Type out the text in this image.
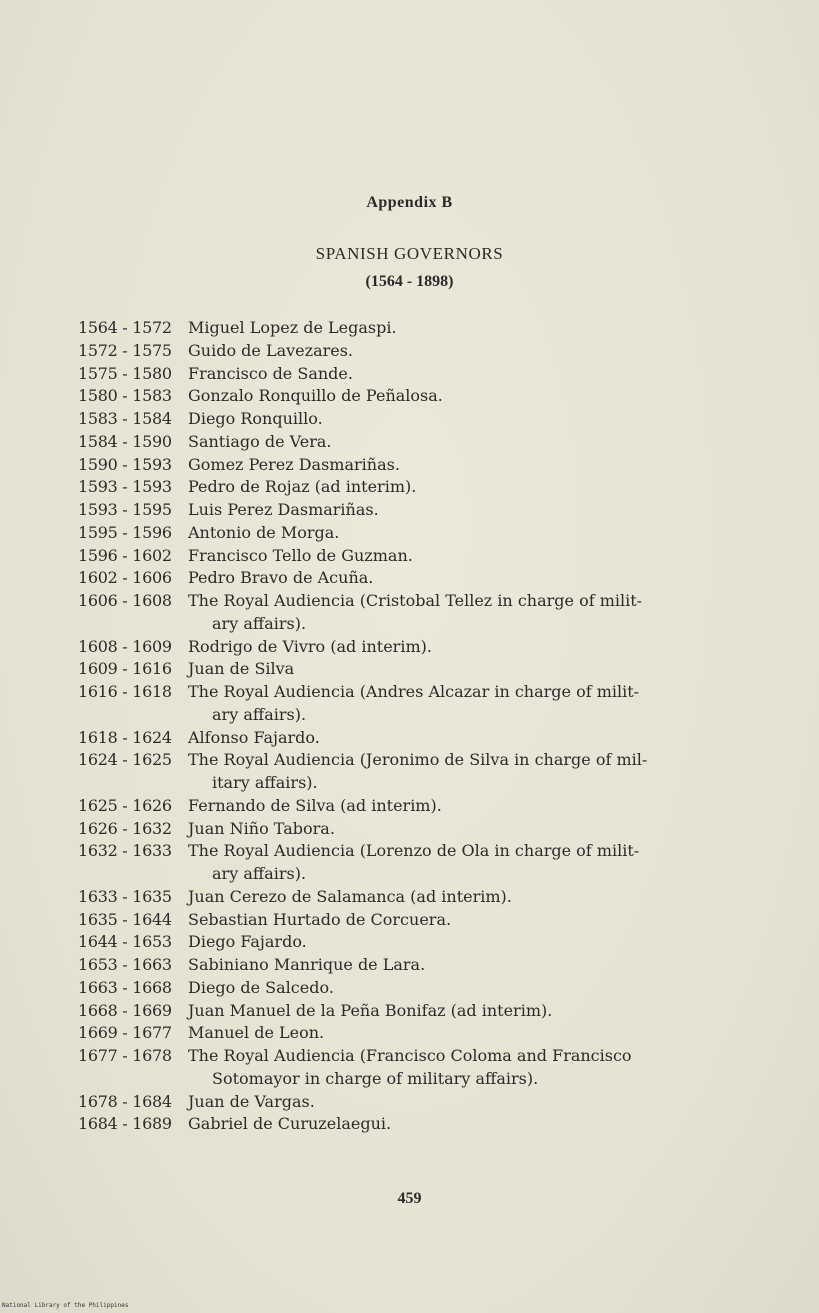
Appendix B
SPANISH GOVERNORS
(1564 - 1898)
1564 - 1572	Miguel Lopez de Legaspi.
1572 - 1575	Guido de Lavezares.
1575 - 1580	Francisco de Sande.
1580 - 1583	Gonzalo Ronquillo de Peñalosa.
1583 - 1584	Diego Ronquillo.
1584 - 1590	Santiago de Vera.
1590 - 1593	Gomez Perez Dasmariñas.
1593 - 1593	Pedro de Rojaz (ad interim).
1593 - 1595	Luis Perez Dasmariñas.
1595 - 1596	Antonio de Morga.
1596 - 1602	Francisco Tello de Guzman.
1602 - 1606	Pedro Bravo de Acuña.
1606 - 1608	The Royal Audiencia (Cristobal Tellez in charge of milit-
ary affairs).
1608 - 1609	Rodrigo de Vivro (ad interim).
1609 - 1616	Juan de Silva
1616 - 1618	The Royal Audiencia (Andres Alcazar in charge of milit-
ary affairs).
1618 - 1624	Alfonso Fajardo.
1624 - 1625	The Royal Audiencia (Jeronimo de Silva in charge of mil-
itary affairs).
1625 - 1626	Fernando de Silva (ad interim).
1626 - 1632	Juan Niño Tabora.
1632 - 1633	The Royal Audiencia (Lorenzo de Ola in charge of milit-
ary affairs).
1633 - 1635	Juan Cerezo de Salamanca (ad interim).
1635 - 1644	Sebastian Hurtado de Corcuera.
1644 - 1653	Diego Fajardo.
1653 - 1663	Sabiniano Manrique de Lara.
1663 - 1668	Diego de Salcedo.
1668 - 1669	Juan Manuel de la Peña Bonifaz (ad interim).
1669 - 1677	Manuel de Leon.
1677 - 1678	The Royal Audiencia (Francisco Coloma and Francisco
Sotomayor in charge of military affairs).
1678 - 1684	Juan de Vargas.
1684 - 1689	Gabriel de Curuzelaegui.
459
National Library of the Philippines
